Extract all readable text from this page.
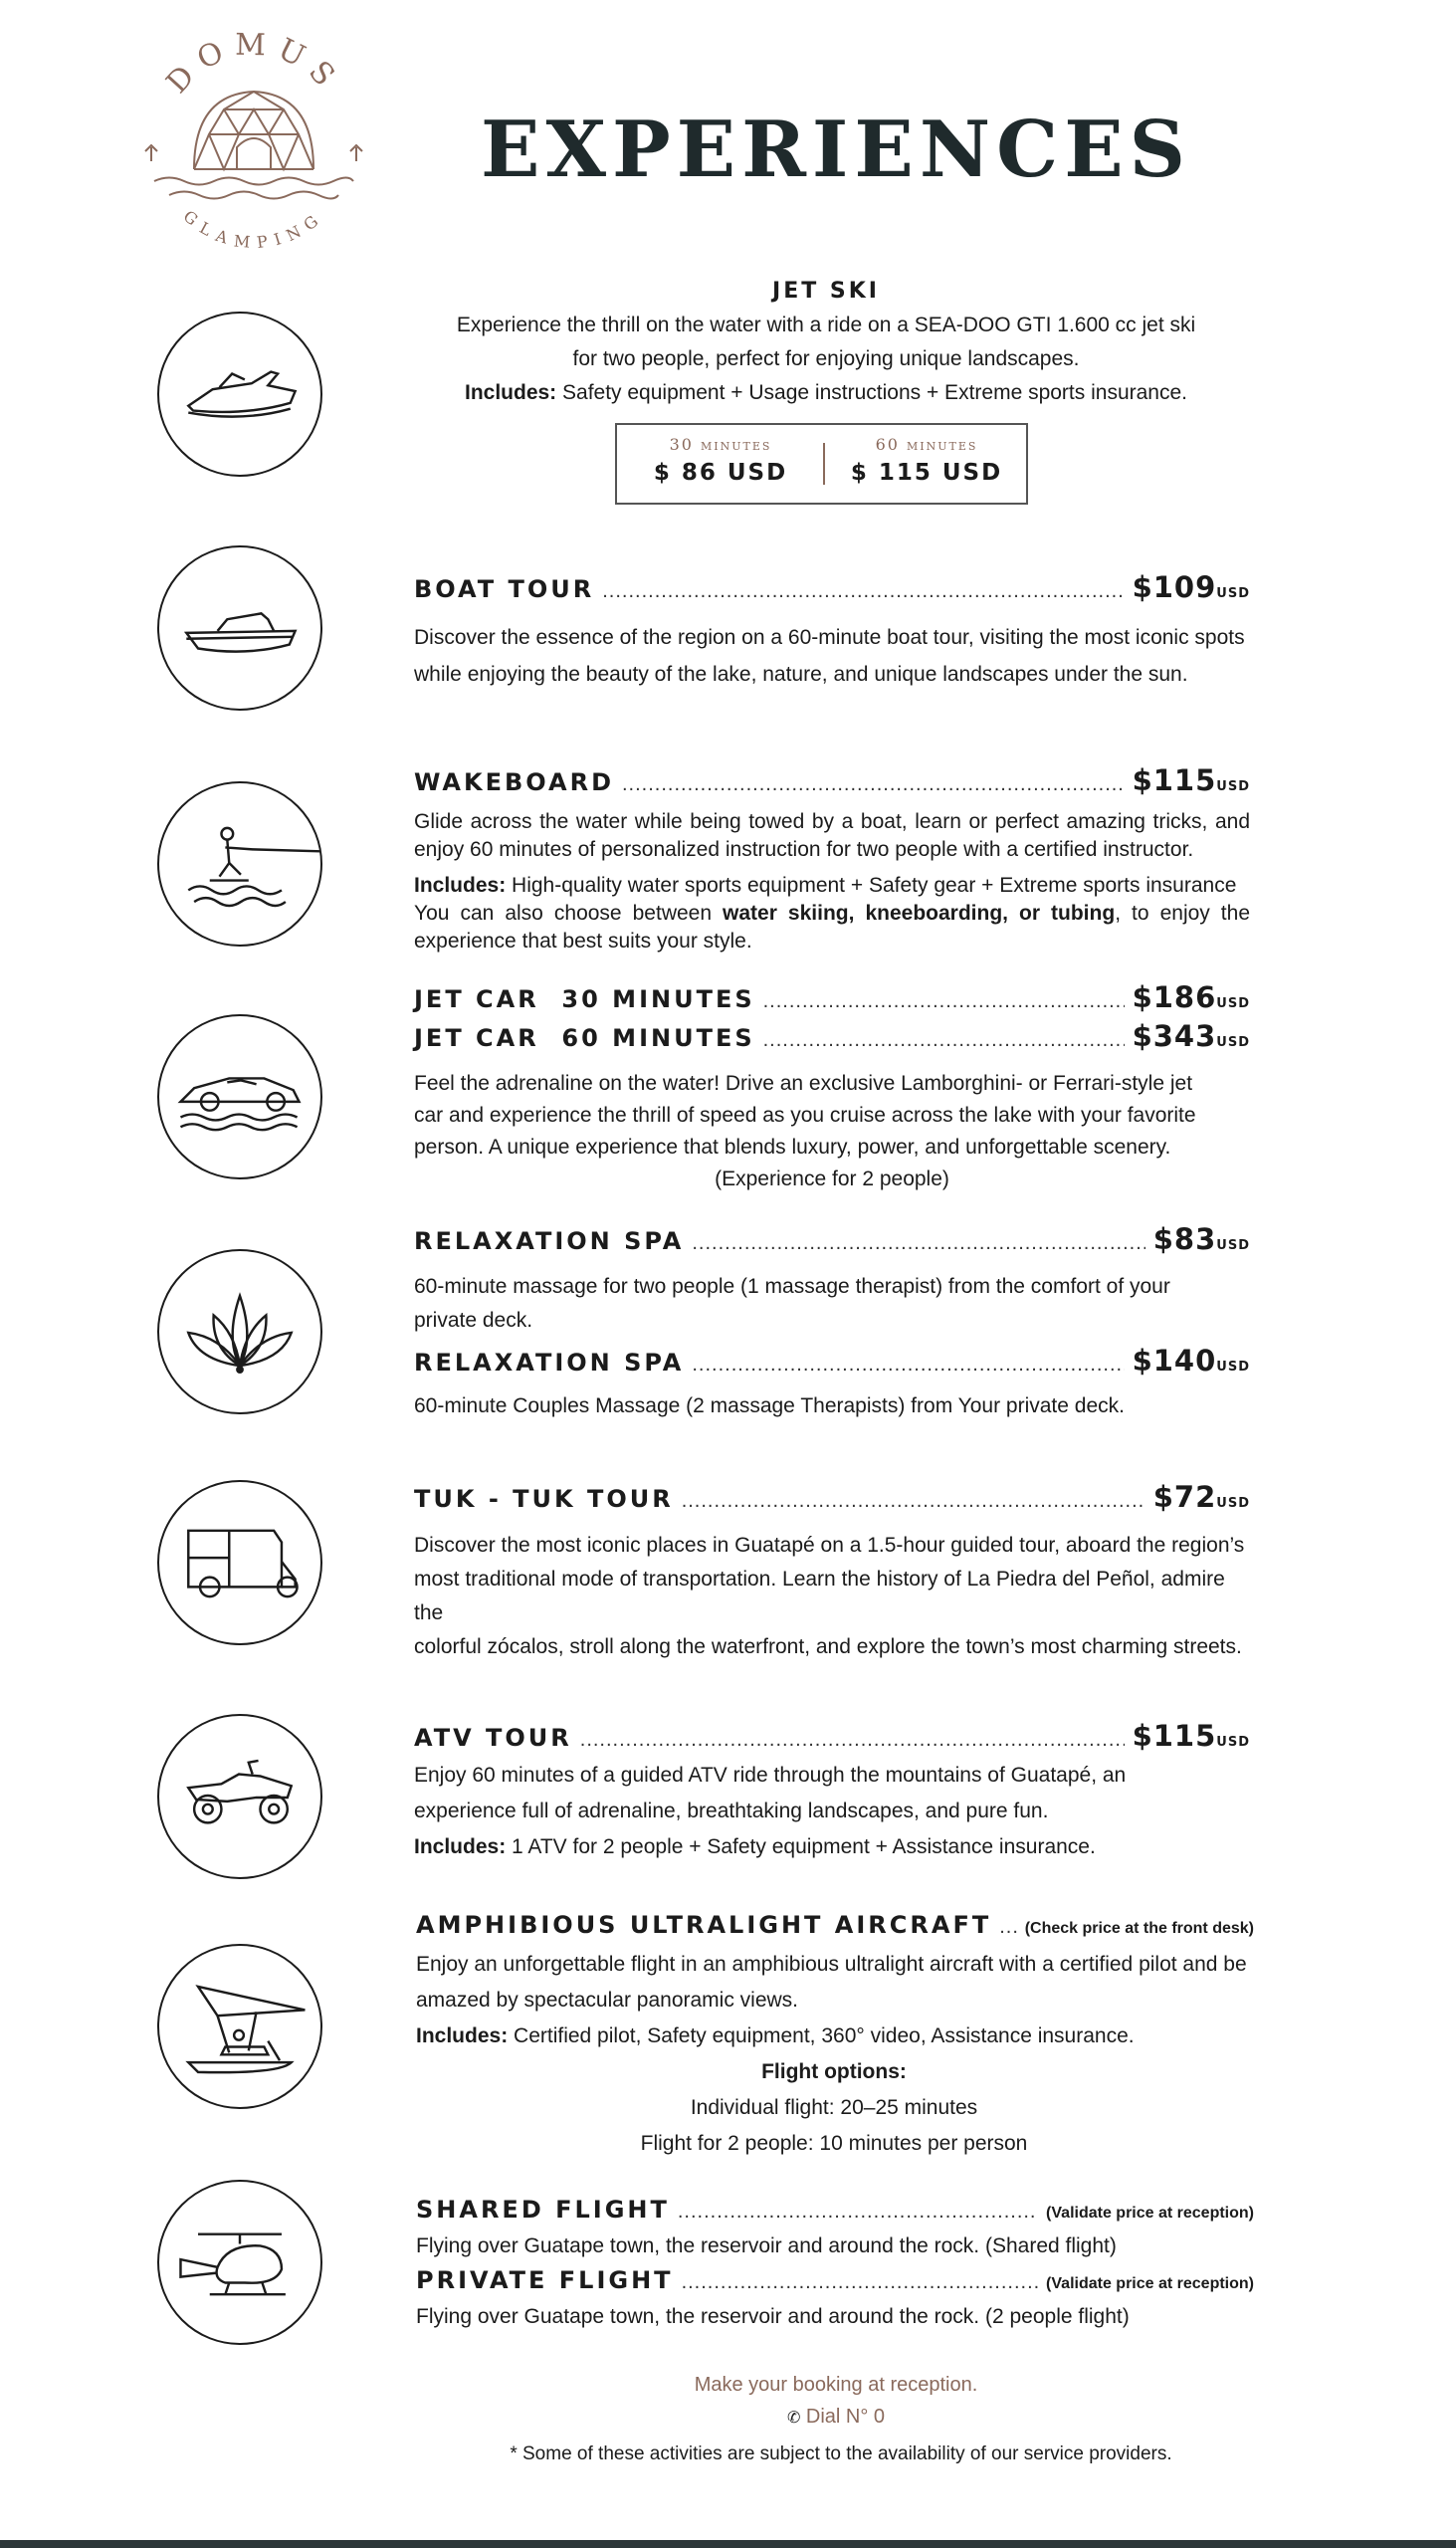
DOMUS
GLAMPING
EXPERIENCES
JET SKI
Experience the thrill on the water with a ride on a SEA-DOO GTI 1.600 cc jet ski
for two people, perfect for enjoying unique landscapes.
Includes: Safety equipment + Usage instructions + Extreme sports insurance.
30 minutes
$ 86 USD
60 minutes
$ 115 USD
BOAT TOUR .....	$109USD
Discover the essence of the region on a 60-minute boat tour, visiting the most iconic spots
while enjoying the beauty of the lake, nature, and unique landscapes under the sun.
WAKEBOARD .....	$115USD
Glide across the water while being towed by a boat, learn or perfect amazing tricks, and enjoy 60 minutes of personalized instruction for two people with a certified instructor.
Includes: High-quality water sports equipment + Safety gear + Extreme sports insurance
You can also choose between water skiing, kneeboarding, or tubing, to enjoy the experience that best suits your style.
JET CAR  30 MINUTES .....	$186USD
JET CAR  60 MINUTES .....	$343USD
Feel the adrenaline on the water! Drive an exclusive Lamborghini- or Ferrari-style jet
car and experience the thrill of speed as you cruise across the lake with your favorite
person. A unique experience that blends luxury, power, and unforgettable scenery.
(Experience for 2 people)
RELAXATION SPA .....	$83USD
60-minute massage for two people (1 massage therapist) from the comfort of your
private deck.
RELAXATION SPA .....	$140USD
60-minute Couples Massage (2 massage Therapists) from Your private deck.
TUK - TUK TOUR .....	$72USD
Discover the most iconic places in Guatapé on a 1.5-hour guided tour, aboard the region’s
most traditional mode of transportation. Learn the history of La Piedra del Peñol, admire the
colorful zócalos, stroll along the waterfront, and explore the town’s most charming streets.
ATV TOUR .....	$115USD
Enjoy 60 minutes of a guided ATV ride through the mountains of Guatapé, an
experience full of adrenaline, breathtaking landscapes, and pure fun.
Includes: 1 ATV for 2 people + Safety equipment + Assistance insurance.
AMPHIBIOUS ULTRALIGHT AIRCRAFT ..... (Check price at the front desk)
Enjoy an unforgettable flight in an amphibious ultralight aircraft with a certified pilot and be
amazed by spectacular panoramic views.
Includes: Certified pilot, Safety equipment, 360° video, Assistance insurance.
Flight options:
Individual flight: 20–25 minutes
Flight for 2 people: 10 minutes per person
SHARED FLIGHT .....	(Validate price at reception)
Flying over Guatape town, the reservoir and around the rock. (Shared flight)
PRIVATE FLIGHT .....	(Validate price at reception)
Flying over Guatape town, the reservoir and around the rock. (2 people flight)
Make your booking at reception.
✆ Dial N° 0
* Some of these activities are subject to the availability of our service providers.
